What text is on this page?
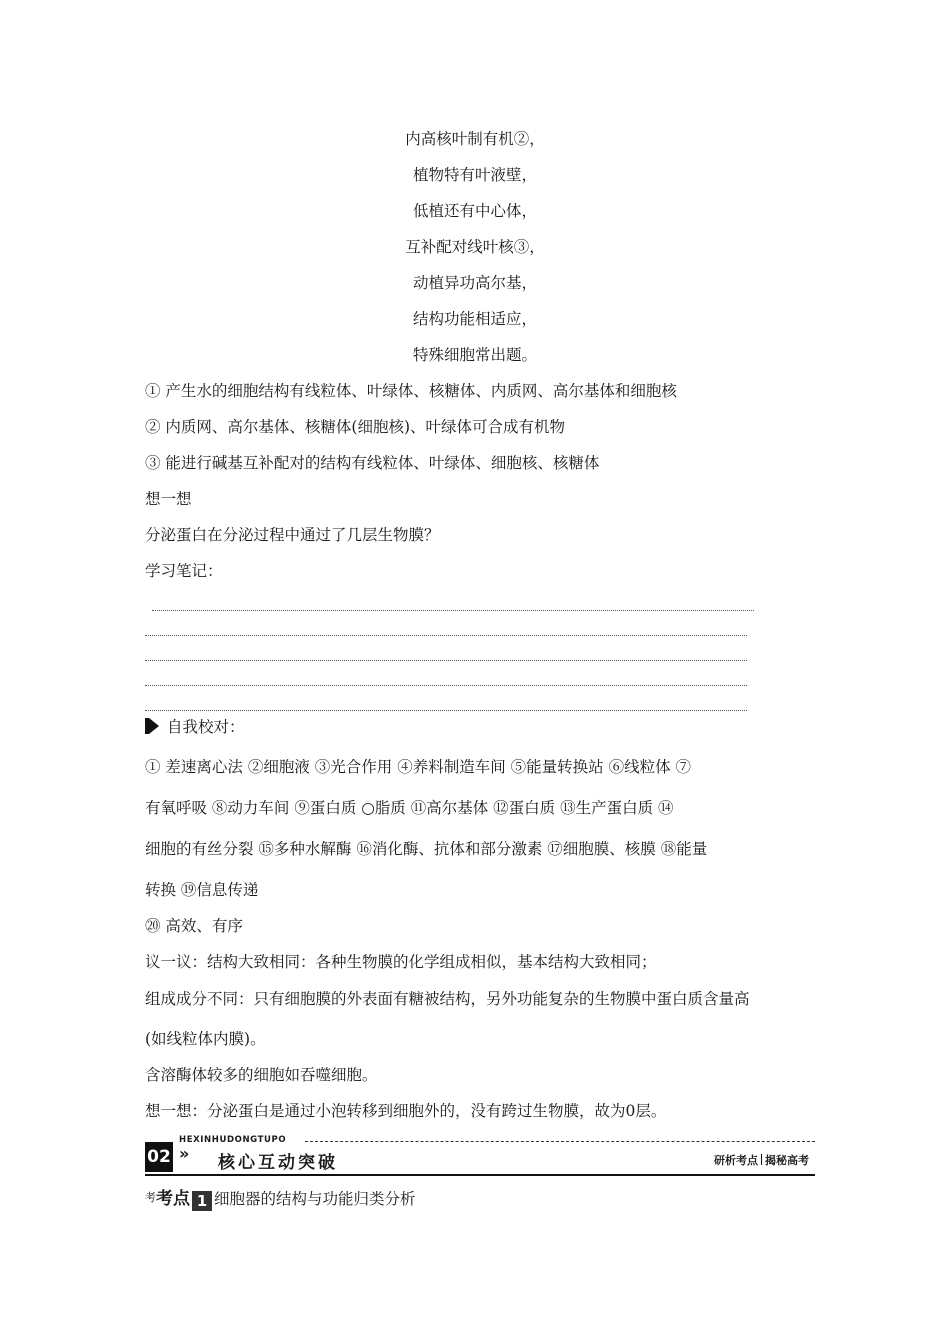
内高核叶制有机②，
植物特有叶液壁，
低植还有中心体，
互补配对线叶核③，
动植异功高尔基，
结构功能相适应，
特殊细胞常出题。
① 产生水的细胞结构有线粒体、叶绿体、核糖体、内质网、高尔基体和细胞核
② 内质网、高尔基体、核糖体(细胞核)、叶绿体可合成有机物
③ 能进行碱基互补配对的结构有线粒体、叶绿体、细胞核、核糖体
想一想
分泌蛋白在分泌过程中通过了几层生物膜？
学习笔记：
自我校对：
① 差速离心法 ②细胞液 ③光合作用 ④养料制造车间 ⑤能量转换站 ⑥线粒体 ⑦
有氧呼吸 ⑧动力车间 ⑨蛋白质 ○脂质 ⑪高尔基体 ⑫蛋白质 ⑬生产蛋白质 ⑭
细胞的有丝分裂 ⑮多种水解酶 ⑯消化酶、抗体和部分激素 ⑰细胞膜、核膜 ⑱能量
转换 ⑲信息传递
⑳ 高效、有序
议一议：结构大致相同：各种生物膜的化学组成相似，基本结构大致相同；
组成成分不同：只有细胞膜的外表面有糖被结构，另外功能复杂的生物膜中蛋白质含量高
(如线粒体内膜)。
含溶酶体较多的细胞如吞噬细胞。
想一想：分泌蛋白是通过小泡转移到细胞外的，没有跨过生物膜，故为0层。
HEXINHUDONGTUPO
02 » 核心互动突破	研析考点 揭秘高考
考考点 1 细胞器的结构与功能归类分析
